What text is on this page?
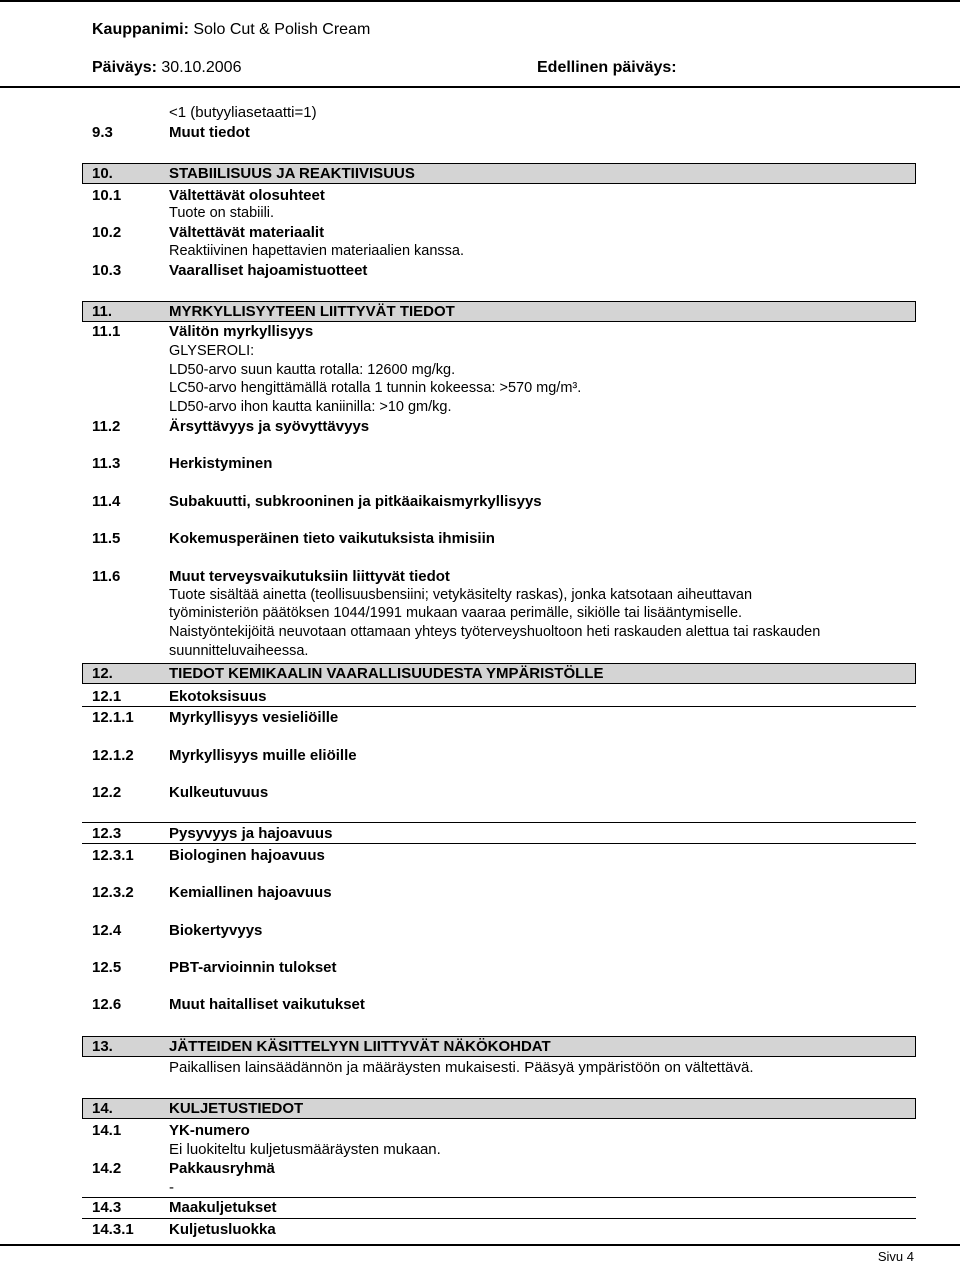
Kauppanimi: Solo Cut & Polish Cream
Päiväys: 30.10.2006	Edellinen päiväys:
<1 (butyyliasetaatti=1)
9.3	Muut tiedot
10.	STABIILISUUS JA REAKTIIVISUUS
10.1	Vältettävät olosuhteet
Tuote on stabiili.
10.2	Vältettävät materiaalit
Reaktiivinen hapettavien materiaalien kanssa.
10.3	Vaaralliset hajoamistuotteet
11.	MYRKYLLISYYTEEN LIITTYVÄT TIEDOT
11.1	Välitön myrkyllisyys
GLYSEROLI:
LD50-arvo suun kautta rotalla: 12600 mg/kg.
LC50-arvo hengittämällä rotalla 1 tunnin kokeessa: >570 mg/m³.
LD50-arvo ihon kautta kaniinilla: >10 gm/kg.
11.2	Ärsyttävyys ja syövyttävyys
11.3	Herkistyminen
11.4	Subakuutti, subkrooninen ja pitkäaikaismyrkyllisyys
11.5	Kokemusperäinen tieto vaikutuksista ihmisiin
11.6	Muut terveysvaikutuksiin liittyvät tiedot
Tuote sisältää ainetta (teollisuusbensiini; vetykäsitelty raskas), jonka katsotaan aiheuttavan
työministeriön päätöksen 1044/1991 mukaan vaaraa perimälle, sikiölle tai lisääntymiselle.
Naistyöntekijöitä neuvotaan ottamaan yhteys työterveyshuoltoon heti raskauden alettua tai raskauden
suunnitteluvaiheessa.
12.	TIEDOT KEMIKAALIN VAARALLISUUDESTA YMPÄRISTÖLLE
12.1	Ekotoksisuus
12.1.1 Myrkyllisyys vesieliöille
12.1.2 Myrkyllisyys muille eliöille
12.2	Kulkeutuvuus
12.3	Pysyvyys ja hajoavuus
12.3.1 Biologinen hajoavuus
12.3.2 Kemiallinen hajoavuus
12.4	Biokertyvyys
12.5	PBT-arvioinnin tulokset
12.6	Muut haitalliset vaikutukset
13.	JÄTTEIDEN KÄSITTELYYN LIITTYVÄT NÄKÖKOHDAT
Paikallisen lainsäädännön ja määräysten mukaisesti. Pääsyä ympäristöön on vältettävä.
14.	KULJETUSTIEDOT
14.1	YK-numero
Ei luokiteltu kuljetusmääräysten mukaan.
14.2	Pakkausryhmä
-
14.3	Maakuljetukset
14.3.1 Kuljetusluokka
Sivu 4
